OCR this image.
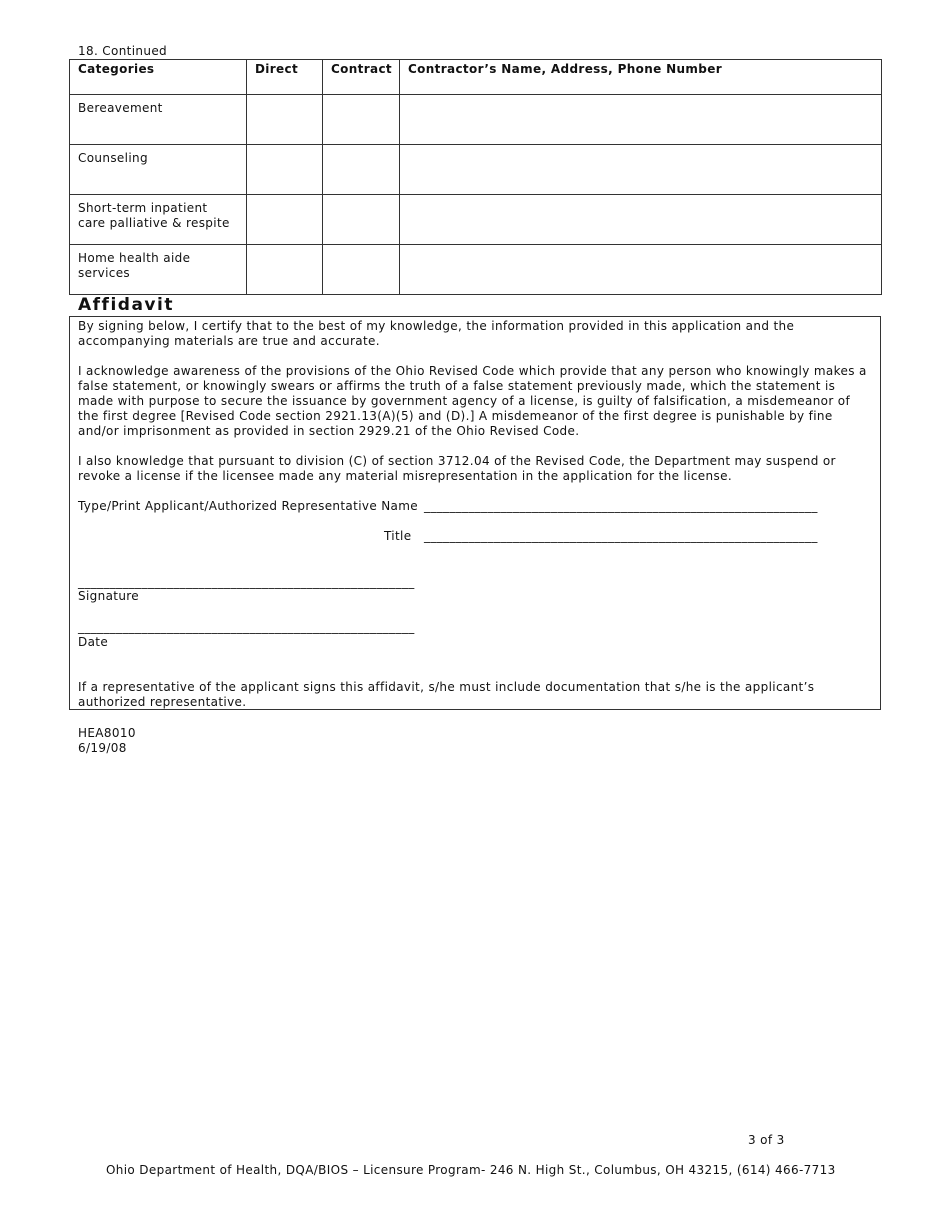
18. Continued
Categories	Direct	Contract	Contractor’s Name, Address, Phone Number
Bereavement			
Counseling			
Short-term inpatient care palliative & respite			
Home health aide services			
Affidavit

By signing below, I certify that to the best of my knowledge, the information provided in this application and the accompanying materials are true and accurate.

I acknowledge awareness of the provisions of the Ohio Revised Code which provide that any person who knowingly makes a false statement, or knowingly swears or affirms the truth of a false statement previously made, which the statement is made with purpose to secure the issuance by government agency of a license, is guilty of falsification, a misdemeanor of the first degree [Revised Code section 2921.13(A)(5) and (D).] A misdemeanor of the first degree is punishable by fine and/or imprisonment as provided in section 2929.21 of the Ohio Revised Code.

I also knowledge that pursuant to division (C) of section 3712.04 of the Revised Code, the Department may suspend or revoke a license if the licensee made any material misrepresentation in the application for the license.

Type/Print Applicant/Authorized Representative Name ______________________________________________________________
Title ______________________________________________________________
_____________________________________________________
Signature
_____________________________________________________
Date

If a representative of the applicant signs this affidavit, s/he must include documentation that s/he is the applicant’s authorized representative.

HEA8010
6/19/08
3 of 3
Ohio Department of Health, DQA/BIOS – Licensure Program- 246 N. High St., Columbus, OH 43215, (614) 466-7713
